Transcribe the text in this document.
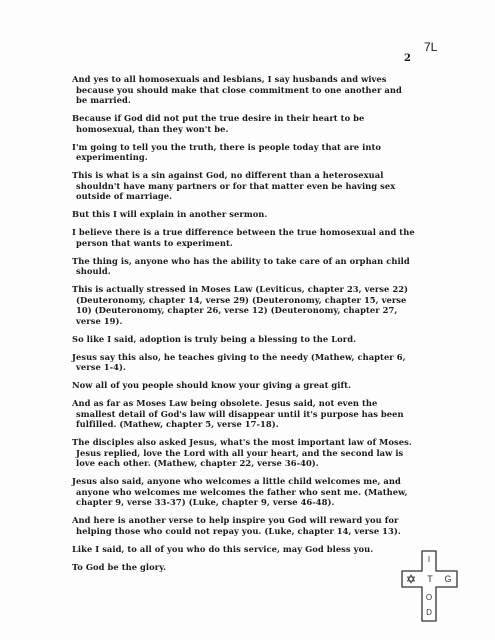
7L
2

And yes to all homosexuals and lesbians, I say husbands and wives because you should make that close commitment to one another and be married.

Because if God did not put the true desire in their heart to be homosexual, than they won't be.

I'm going to tell you the truth, there is people today that are into experimenting.

This is what is a sin against God, no different than a heterosexual shouldn't have many partners or for that matter even be having sex outside of marriage.

But this I will explain in another sermon.

I believe there is a true difference between the true homosexual and the person that wants to experiment.

The thing is, anyone who has the ability to take care of an orphan child should.

This is actually stressed in Moses Law (Leviticus, chapter 23, verse 22) (Deuteronomy, chapter 14, verse 29) (Deuteronomy, chapter 15, verse 10) (Deuteronomy, chapter 26, verse 12) (Deuteronomy, chapter 27, verse 19).

So like I said, adoption is truly being a blessing to the Lord.

Jesus say this also, he teaches giving to the needy (Mathew, chapter 6, verse 1-4).

Now all of you people should know your giving a great gift.

And as far as Moses Law being obsolete. Jesus said, not even the smallest detail of God's law will disappear until it's purpose has been fulfilled. (Mathew, chapter 5, verse 17-18).

The disciples also asked Jesus, what's the most important law of Moses. Jesus replied, love the Lord with all your heart, and the second law is love each other. (Mathew, chapter 22, verse 36-40).

Jesus also said, anyone who welcomes a little child welcomes me, and anyone who welcomes me welcomes the father who sent me. (Mathew, chapter 9, verse 33-37) (Luke, chapter 9, verse 46-48).

And here is another verse to help inspire you God will reward you for helping those who could not repay you. (Luke, chapter 14, verse 13).

Like I said, to all of you who do this service, may God bless you.

To God be the glory.

I
T G
O
D
